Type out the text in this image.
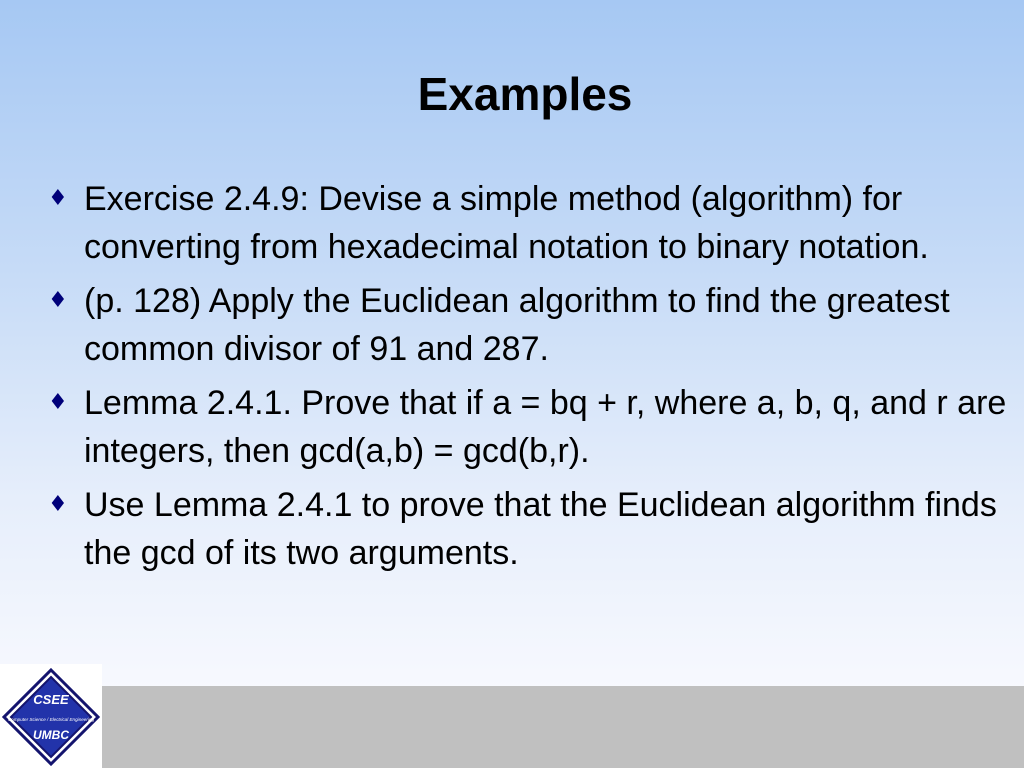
Examples
♦ Exercise 2.4.9: Devise a simple method (algorithm) for converting from hexadecimal notation to binary notation.
♦ (p. 128) Apply the Euclidean algorithm to find the greatest common divisor of 91 and 287.
♦ Lemma 2.4.1. Prove that if a = bq + r, where a, b, q, and r are integers, then gcd(a,b) = gcd(b,r).
♦ Use Lemma 2.4.1 to prove that the Euclidean algorithm finds the gcd of its two arguments.
CSEE
Computer Science / Electrical Engineering
UMBC
